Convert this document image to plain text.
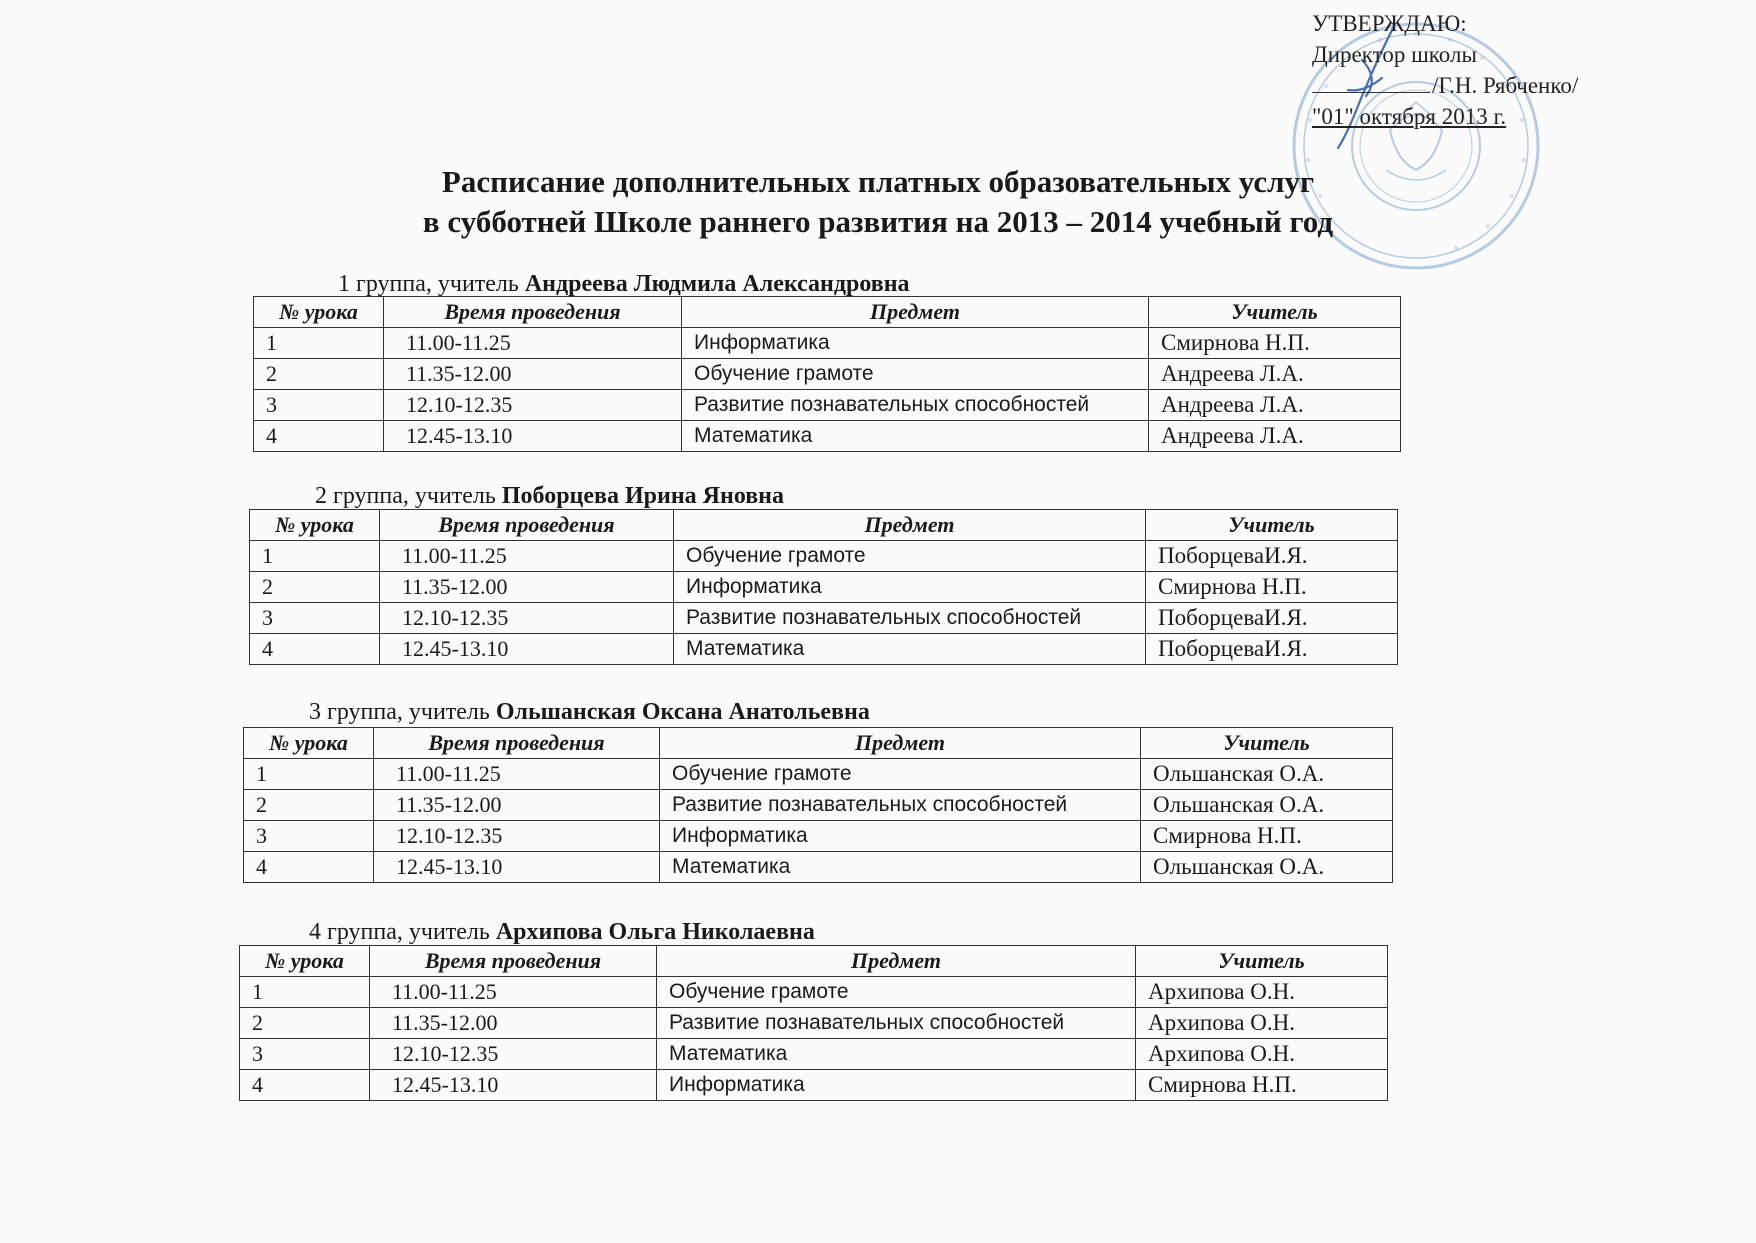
УТВЕРЖДАЮ:
Директор школы
/Г.Н. Рябченко/
"01" октября 2013 г.
Расписание дополнительных платных образовательных услуг
в субботней Школе раннего развития на 2013 – 2014 учебный год
1 группа, учитель Андреева Людмила Александровна
№ урока	Время проведения	Предмет	Учитель
1	11.00-11.25	Информатика	Смирнова Н.П.
2	11.35-12.00	Обучение грамоте	Андреева Л.А.
3	12.10-12.35	Развитие познавательных способностей	Андреева Л.А.
4	12.45-13.10	Математика	Андреева Л.А.
2 группа, учитель Поборцева Ирина Яновна
№ урока	Время проведения	Предмет	Учитель
1	11.00-11.25	Обучение грамоте	ПоборцеваИ.Я.
2	11.35-12.00	Информатика	Смирнова Н.П.
3	12.10-12.35	Развитие познавательных способностей	ПоборцеваИ.Я.
4	12.45-13.10	Математика	ПоборцеваИ.Я.
3 группа, учитель Ольшанская Оксана Анатольевна
№ урока	Время проведения	Предмет	Учитель
1	11.00-11.25	Обучение грамоте	Ольшанская О.А.
2	11.35-12.00	Развитие познавательных способностей	Ольшанская О.А.
3	12.10-12.35	Информатика	Смирнова Н.П.
4	12.45-13.10	Математика	Ольшанская О.А.
4 группа, учитель Архипова Ольга Николаевна
№ урока	Время проведения	Предмет	Учитель
1	11.00-11.25	Обучение грамоте	Архипова О.Н.
2	11.35-12.00	Развитие познавательных способностей	Архипова О.Н.
3	12.10-12.35	Математика	Архипова О.Н.
4	12.45-13.10	Информатика	Смирнова Н.П.
